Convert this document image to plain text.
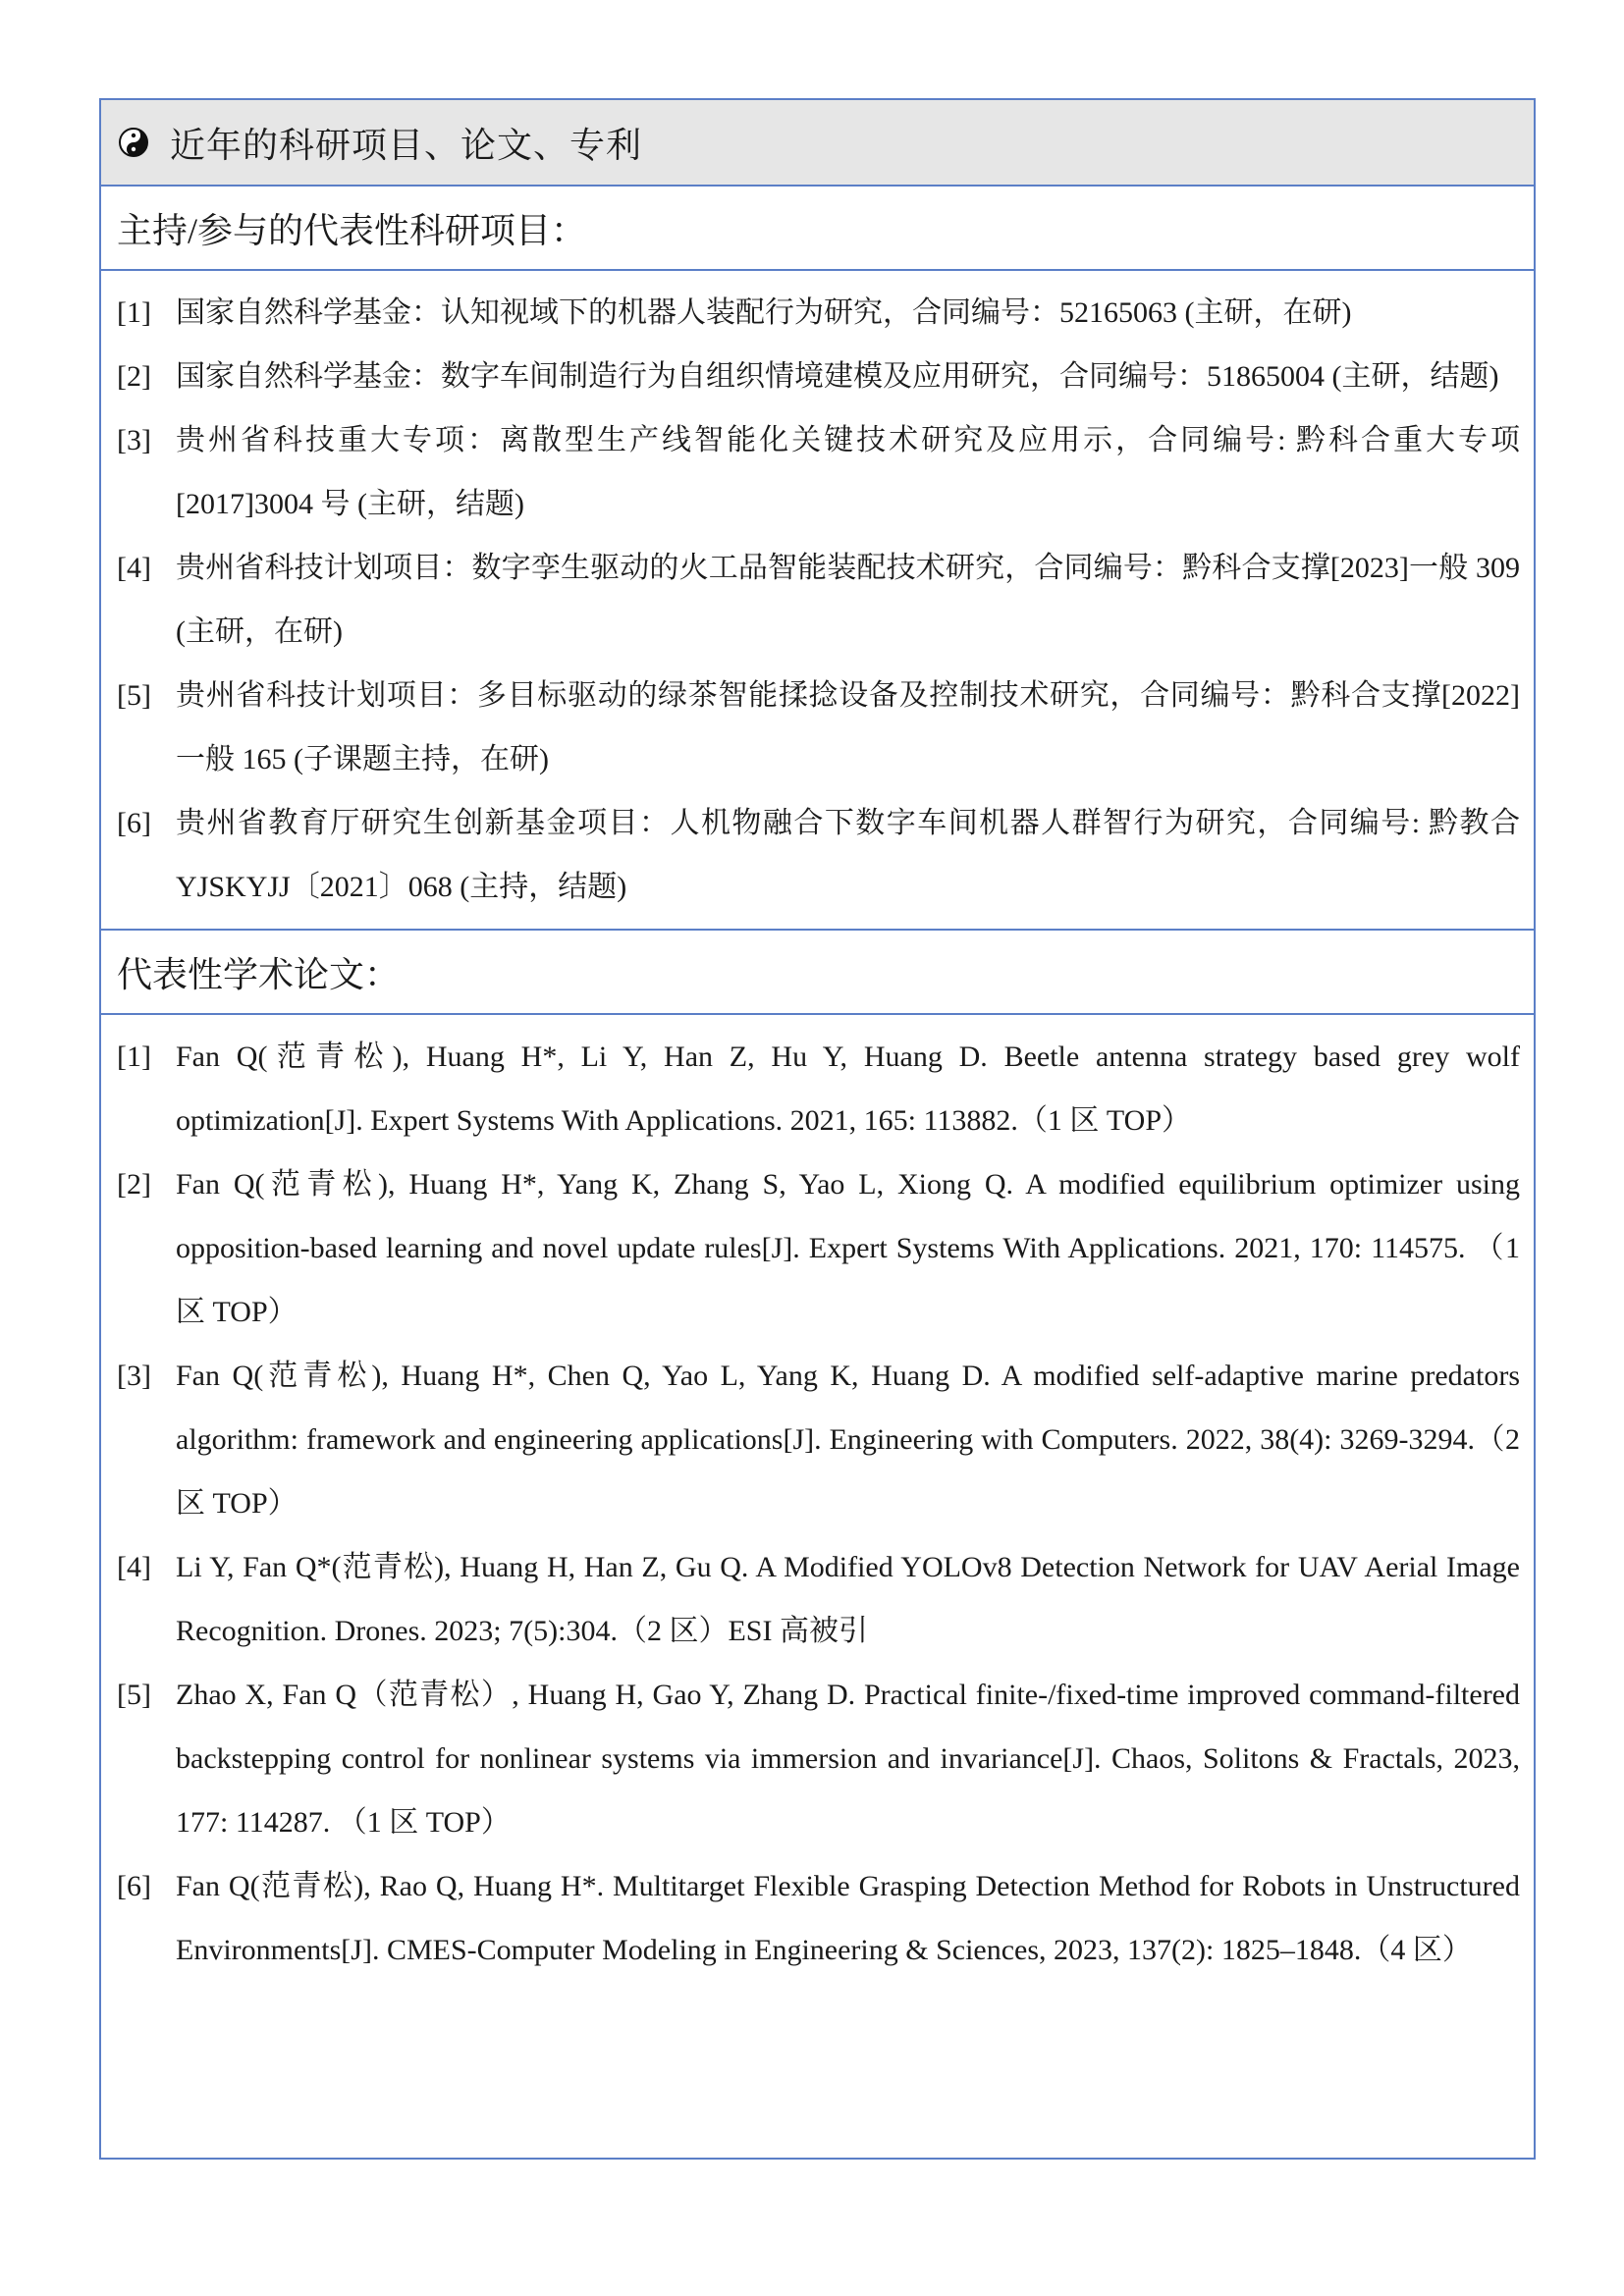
近年的科研项目、论文、专利
主持/参与的代表性科研项目：
[1] 国家自然科学基金：认知视域下的机器人装配行为研究，合同编号：52165063 (主研，在研)
[2] 国家自然科学基金：数字车间制造行为自组织情境建模及应用研究，合同编号：51865004 (主研，结题)
[3] 贵州省科技重大专项：离散型生产线智能化关键技术研究及应用示，合同编号: 黔科合重大专项[2017]3004 号 (主研，结题)
[4] 贵州省科技计划项目：数字孪生驱动的火工品智能装配技术研究，合同编号：黔科合支撑[2023]一般 309 (主研，在研)
[5] 贵州省科技计划项目：多目标驱动的绿茶智能揉捻设备及控制技术研究，合同编号：黔科合支撑[2022]一般 165 (子课题主持，在研)
[6] 贵州省教育厅研究生创新基金项目：人机物融合下数字车间机器人群智行为研究，合同编号: 黔教合 YJSKYJJ〔2021〕068 (主持，结题)
代表性学术论文：
[1] Fan Q(范青松), Huang H*, Li Y, Han Z, Hu Y, Huang D. Beetle antenna strategy based grey wolf optimization[J]. Expert Systems With Applications. 2021, 165: 113882.（1 区 TOP）
[2] Fan Q(范青松), Huang H*, Yang K, Zhang S, Yao L, Xiong Q. A modified equilibrium optimizer using opposition-based learning and novel update rules[J]. Expert Systems With Applications. 2021, 170: 114575. （1 区 TOP）
[3] Fan Q(范青松), Huang H*, Chen Q, Yao L, Yang K, Huang D. A modified self-adaptive marine predators algorithm: framework and engineering applications[J]. Engineering with Computers. 2022, 38(4): 3269-3294.（2 区 TOP）
[4] Li Y, Fan Q*(范青松), Huang H, Han Z, Gu Q. A Modified YOLOv8 Detection Network for UAV Aerial Image Recognition. Drones. 2023; 7(5):304.（2 区）ESI 高被引
[5] Zhao X, Fan Q（范青松）, Huang H, Gao Y, Zhang D. Practical finite-/fixed-time improved command-filtered backstepping control for nonlinear systems via immersion and invariance[J]. Chaos, Solitons & Fractals, 2023, 177: 114287. （1 区 TOP）
[6] Fan Q(范青松), Rao Q, Huang H*. Multitarget Flexible Grasping Detection Method for Robots in Unstructured Environments[J]. CMES-Computer Modeling in Engineering & Sciences, 2023, 137(2): 1825–1848.（4 区）
